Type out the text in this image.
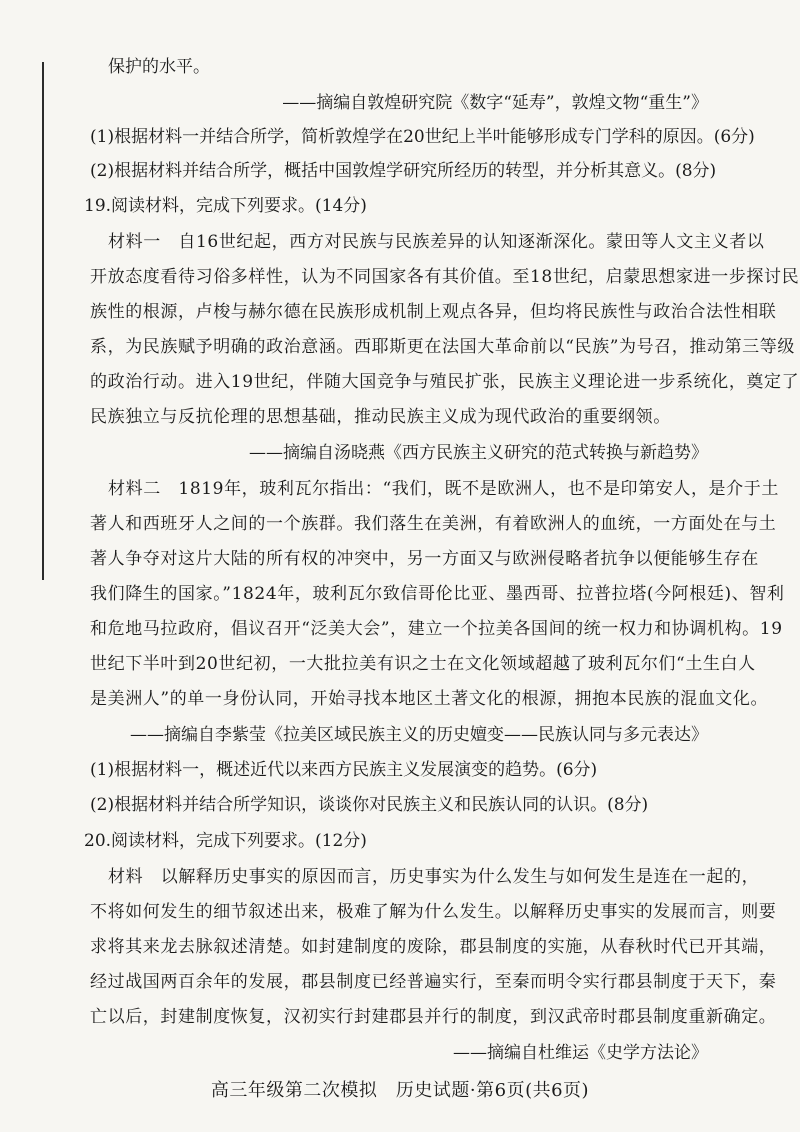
保护的水平。
——摘编自敦煌研究院《数字“延寿”，敦煌文物“重生”》
(1)根据材料一并结合所学，简析敦煌学在20世纪上半叶能够形成专门学科的原因。(6分)
(2)根据材料并结合所学，概括中国敦煌学研究所经历的转型，并分析其意义。(8分)
19.阅读材料，完成下列要求。(14分)
材料一　自16世纪起，西方对民族与民族差异的认知逐渐深化。蒙田等人文主义者以
开放态度看待习俗多样性，认为不同国家各有其价值。至18世纪，启蒙思想家进一步探讨民
族性的根源，卢梭与赫尔德在民族形成机制上观点各异，但均将民族性与政治合法性相联
系，为民族赋予明确的政治意涵。西耶斯更在法国大革命前以“民族”为号召，推动第三等级
的政治行动。进入19世纪，伴随大国竞争与殖民扩张，民族主义理论进一步系统化，奠定了
民族独立与反抗伦理的思想基础，推动民族主义成为现代政治的重要纲领。
——摘编自汤晓燕《西方民族主义研究的范式转换与新趋势》
材料二　1819年，玻利瓦尔指出：“我们，既不是欧洲人，也不是印第安人，是介于土
著人和西班牙人之间的一个族群。我们落生在美洲，有着欧洲人的血统，一方面处在与土
著人争夺对这片大陆的所有权的冲突中，另一方面又与欧洲侵略者抗争以便能够生存在
我们降生的国家。”1824年，玻利瓦尔致信哥伦比亚、墨西哥、拉普拉塔(今阿根廷)、智利
和危地马拉政府，倡议召开“泛美大会”，建立一个拉美各国间的统一权力和协调机构。19
世纪下半叶到20世纪初，一大批拉美有识之士在文化领域超越了玻利瓦尔们“土生白人
是美洲人”的单一身份认同，开始寻找本地区土著文化的根源，拥抱本民族的混血文化。
——摘编自李紫莹《拉美区域民族主义的历史嬗变——民族认同与多元表达》
(1)根据材料一，概述近代以来西方民族主义发展演变的趋势。(6分)
(2)根据材料并结合所学知识，谈谈你对民族主义和民族认同的认识。(8分)
20.阅读材料，完成下列要求。(12分)
材料　以解释历史事实的原因而言，历史事实为什么发生与如何发生是连在一起的，
不将如何发生的细节叙述出来，极难了解为什么发生。以解释历史事实的发展而言，则要
求将其来龙去脉叙述清楚。如封建制度的废除，郡县制度的实施，从春秋时代已开其端，
经过战国两百余年的发展，郡县制度已经普遍实行，至秦而明令实行郡县制度于天下，秦
亡以后，封建制度恢复，汉初实行封建郡县并行的制度，到汉武帝时郡县制度重新确定。
——摘编自杜维运《史学方法论》
高三年级第二次模拟　历史试题·第6页(共6页)
